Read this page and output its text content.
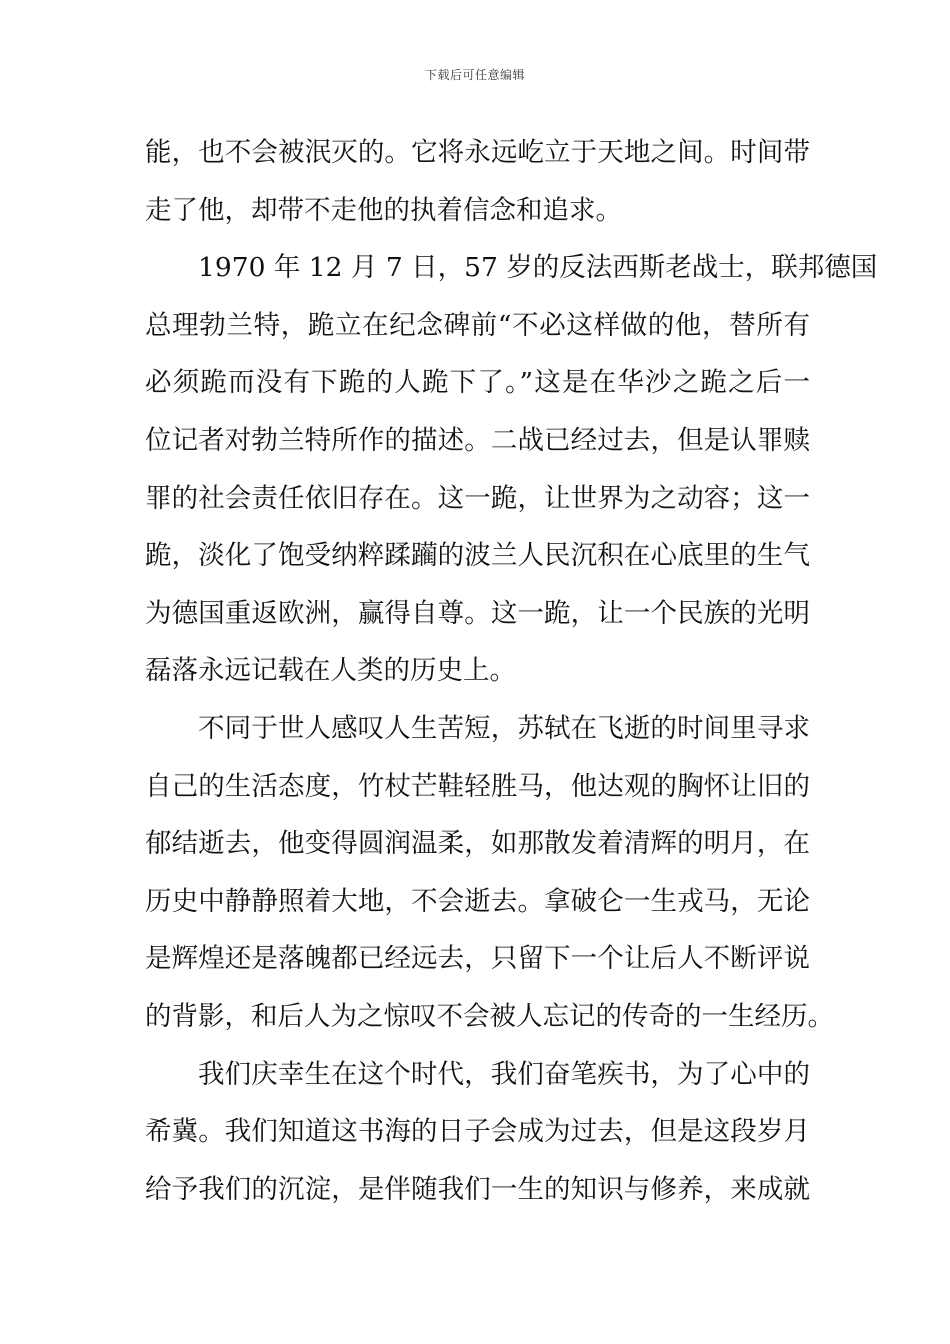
下载后可任意编辑
能，也不会被泯灭的。它将永远屹立于天地之间。时间带
走了他，却带不走他的执着信念和追求。
1970 年 12 月 7 日，57 岁的反法西斯老战士，联邦德国
总理勃兰特，跪立在纪念碑前“不必这样做的他，替所有
必须跪而没有下跪的人跪下了。”这是在华沙之跪之后一
位记者对勃兰特所作的描述。二战已经过去，但是认罪赎
罪的社会责任依旧存在。这一跪，让世界为之动容；这一
跪，淡化了饱受纳粹蹂躏的波兰人民沉积在心底里的生气
为德国重返欧洲，赢得自尊。这一跪，让一个民族的光明
磊落永远记载在人类的历史上。
不同于世人感叹人生苦短，苏轼在飞逝的时间里寻求
自己的生活态度，竹杖芒鞋轻胜马，他达观的胸怀让旧的
郁结逝去，他变得圆润温柔，如那散发着清辉的明月，在
历史中静静照着大地，不会逝去。拿破仑一生戎马，无论
是辉煌还是落魄都已经远去，只留下一个让后人不断评说
的背影，和后人为之惊叹不会被人忘记的传奇的一生经历。
我们庆幸生在这个时代，我们奋笔疾书，为了心中的
希冀。我们知道这书海的日子会成为过去，但是这段岁月
给予我们的沉淀，是伴随我们一生的知识与修养，来成就
